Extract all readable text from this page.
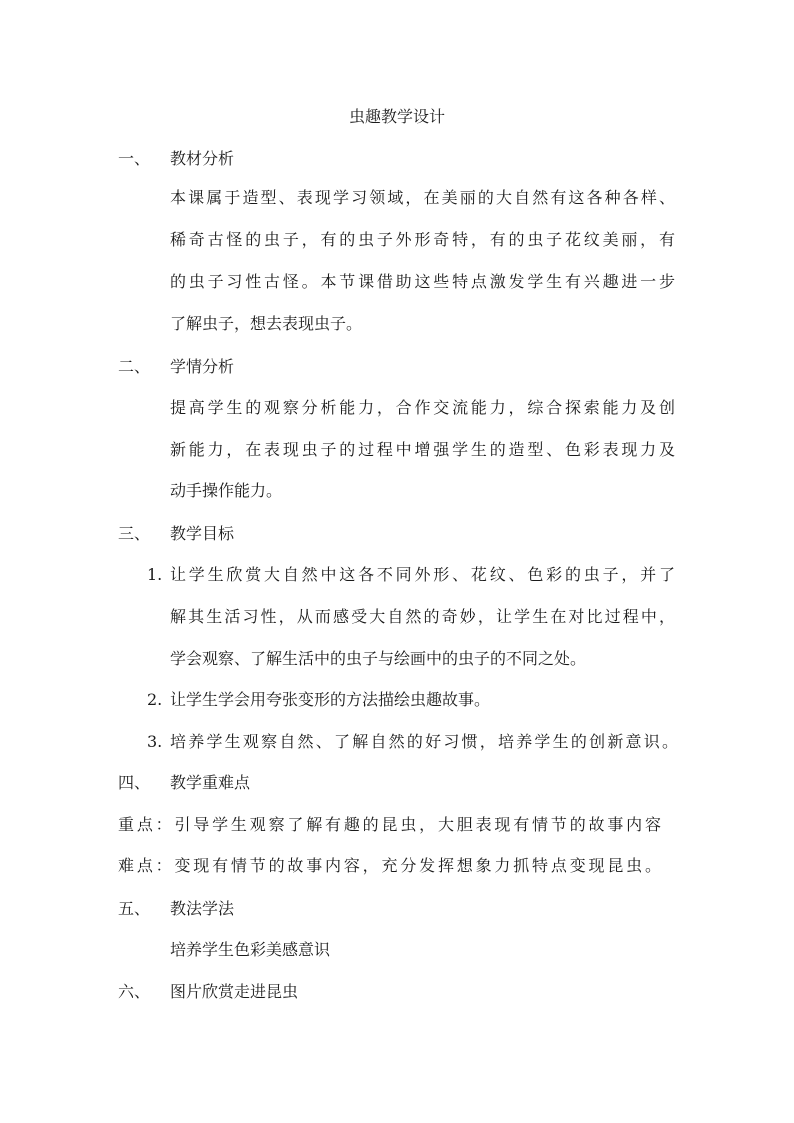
虫趣教学设计
一、 教材分析
本课属于造型、表现学习领域，在美丽的大自然有这各种各样、
稀奇古怪的虫子，有的虫子外形奇特，有的虫子花纹美丽，有
的虫子习性古怪。本节课借助这些特点激发学生有兴趣进一步
了解虫子，想去表现虫子。
二、 学情分析
提高学生的观察分析能力，合作交流能力，综合探索能力及创
新能力，在表现虫子的过程中增强学生的造型、色彩表现力及
动手操作能力。
三、 教学目标
1. 让学生欣赏大自然中这各不同外形、花纹、色彩的虫子，并了
解其生活习性，从而感受大自然的奇妙，让学生在对比过程中，
学会观察、了解生活中的虫子与绘画中的虫子的不同之处。
2. 让学生学会用夸张变形的方法描绘虫趣故事。
3. 培养学生观察自然、了解自然的好习惯，培养学生的创新意识。
四、 教学重难点
重点：引导学生观察了解有趣的昆虫，大胆表现有情节的故事内容
难点：变现有情节的故事内容，充分发挥想象力抓特点变现昆虫。
五、 教法学法
培养学生色彩美感意识
六、 图片欣赏走进昆虫
